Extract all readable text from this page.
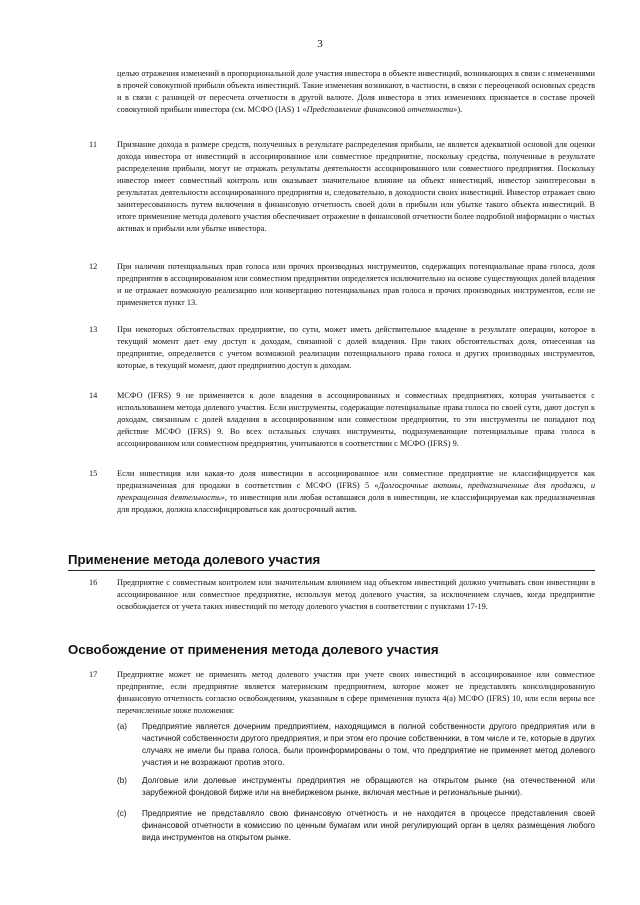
3
целью отражения изменений в пропорциональной доле участия инвестора в объекте инвестиций, возникающих в связи с изменениями в прочей совокупной прибыли объекта инвестиций. Такие изменения возникают, в частности, в связи с переоценкой основных средств и в связи с разницей от пересчета отчетности в другой валюте. Доля инвестора в этих изменениях признается в составе прочей совокупной прибыли инвестора (см. МСФО (IAS) 1 «Представление финансовой отчетности»).
11 Признание дохода в размере средств, полученных в результате распределения прибыли, не является адекватной основой для оценки дохода инвестора от инвестиций в ассоциированное или совместное предприятие, поскольку средства, полученные в результате распределения прибыли, могут не отражать результаты деятельности ассоциированного или совместного предприятия. Поскольку инвестор имеет совместный контроль или оказывает значительное влияние на объект инвестиций, инвестор заинтересован в результатах деятельности ассоциированного предприятия и, следовательно, в доходности своих инвестиций. Инвестор отражает свою заинтересованность путем включения в финансовую отчетность своей доли в прибыли или убытке такого объекта инвестиций. В итоге применение метода долевого участия обеспечивает отражение в финансовой отчетности более подробной информации о чистых активах и прибыли или убытке инвестора.
12 При наличии потенциальных прав голоса или прочих производных инструментов, содержащих потенциальные права голоса, доля предприятия в ассоциированном или совместном предприятии определяется исключительно на основе существующих долей владения и не отражает возможную реализацию или конвертацию потенциальных прав голоса и прочих производных инструментов, если не применяется пункт 13.
13 При некоторых обстоятельствах предприятие, по сути, может иметь действительное владение в результате операции, которое в текущий момент дает ему доступ к доходам, связанной с долей владения. При таких обстоятельствах доля, отнесенная на предприятие, определяется с учетом возможной реализации потенциального права голоса и других производных инструментов, которые, в текущий момент, дают предприятию доступ к доходам.
14 МСФО (IFRS) 9 не применяется к доле владения в ассоциированных и совместных предприятиях, которая учитывается с использованием метода долевого участия. Если инструменты, содержащие потенциальные права голоса по своей сути, дают доступ к доходам, связанным с долей владения в ассоциированном или совместном предприятии, то эти инструменты не попадают под действие МСФО (IFRS) 9. Во всех остальных случаях инструменты, подразумевающие потенциальные права голоса в ассоциированном или совместном предприятии, учитываются в соответствии с МСФО (IFRS) 9.
15 Если инвестиция или какая-то доля инвестиции в ассоциированное или совместное предприятие не классифицируется как предназначенная для продажи в соответствии с МСФО (IFRS) 5 «Долгосрочные активы, предназначенные для продажи, и прекращенная деятельность», то инвестиция или любая оставшаяся доля в инвестиции, не классифицируемая как предназначенная для продажи, должна классифицироваться как долгосрочный актив.
Применение метода долевого участия
16 Предприятие с совместным контролем или значительным влиянием над объектом инвестиций должно учитывать свои инвестиции в ассоциированное или совместное предприятие, используя метод долевого участия, за исключением случаев, когда предприятие освобождается от учета таких инвестиций по методу долевого участия в соответствии с пунктами 17-19.
Освобождение от применения метода долевого участия
17 Предприятие может не применять метод долевого участия при учете своих инвестиций в ассоциированное или совместное предприятие, если предприятие является материнским предприятием, которое может не представлять консолидированную финансовую отчетность согласно освобождениям, указанным в сфере применения пункта 4(а) МСФО (IFRS) 10, или если верны все перечисленные ниже положения:
(a) Предприятие является дочерним предприятием, находящимся в полной собственности другого предприятия или в частичной собственности другого предприятия, и при этом его прочие собственники, в том числе и те, которые в других случаях не имели бы права голоса, были проинформированы о том, что предприятие не применяет метод долевого участия и не возражают против этого.
(b) Долговые или долевые инструменты предприятия не обращаются на открытом рынке (на отечественной или зарубежной фондовой бирже или на внебиржевом рынке, включая местные и региональные рынки).
(c) Предприятие не представляло свою финансовую отчетность и не находится в процессе представления своей финансовой отчетности в комиссию по ценным бумагам или иной регулирующий орган в целях размещения любого вида инструментов на открытом рынке.
